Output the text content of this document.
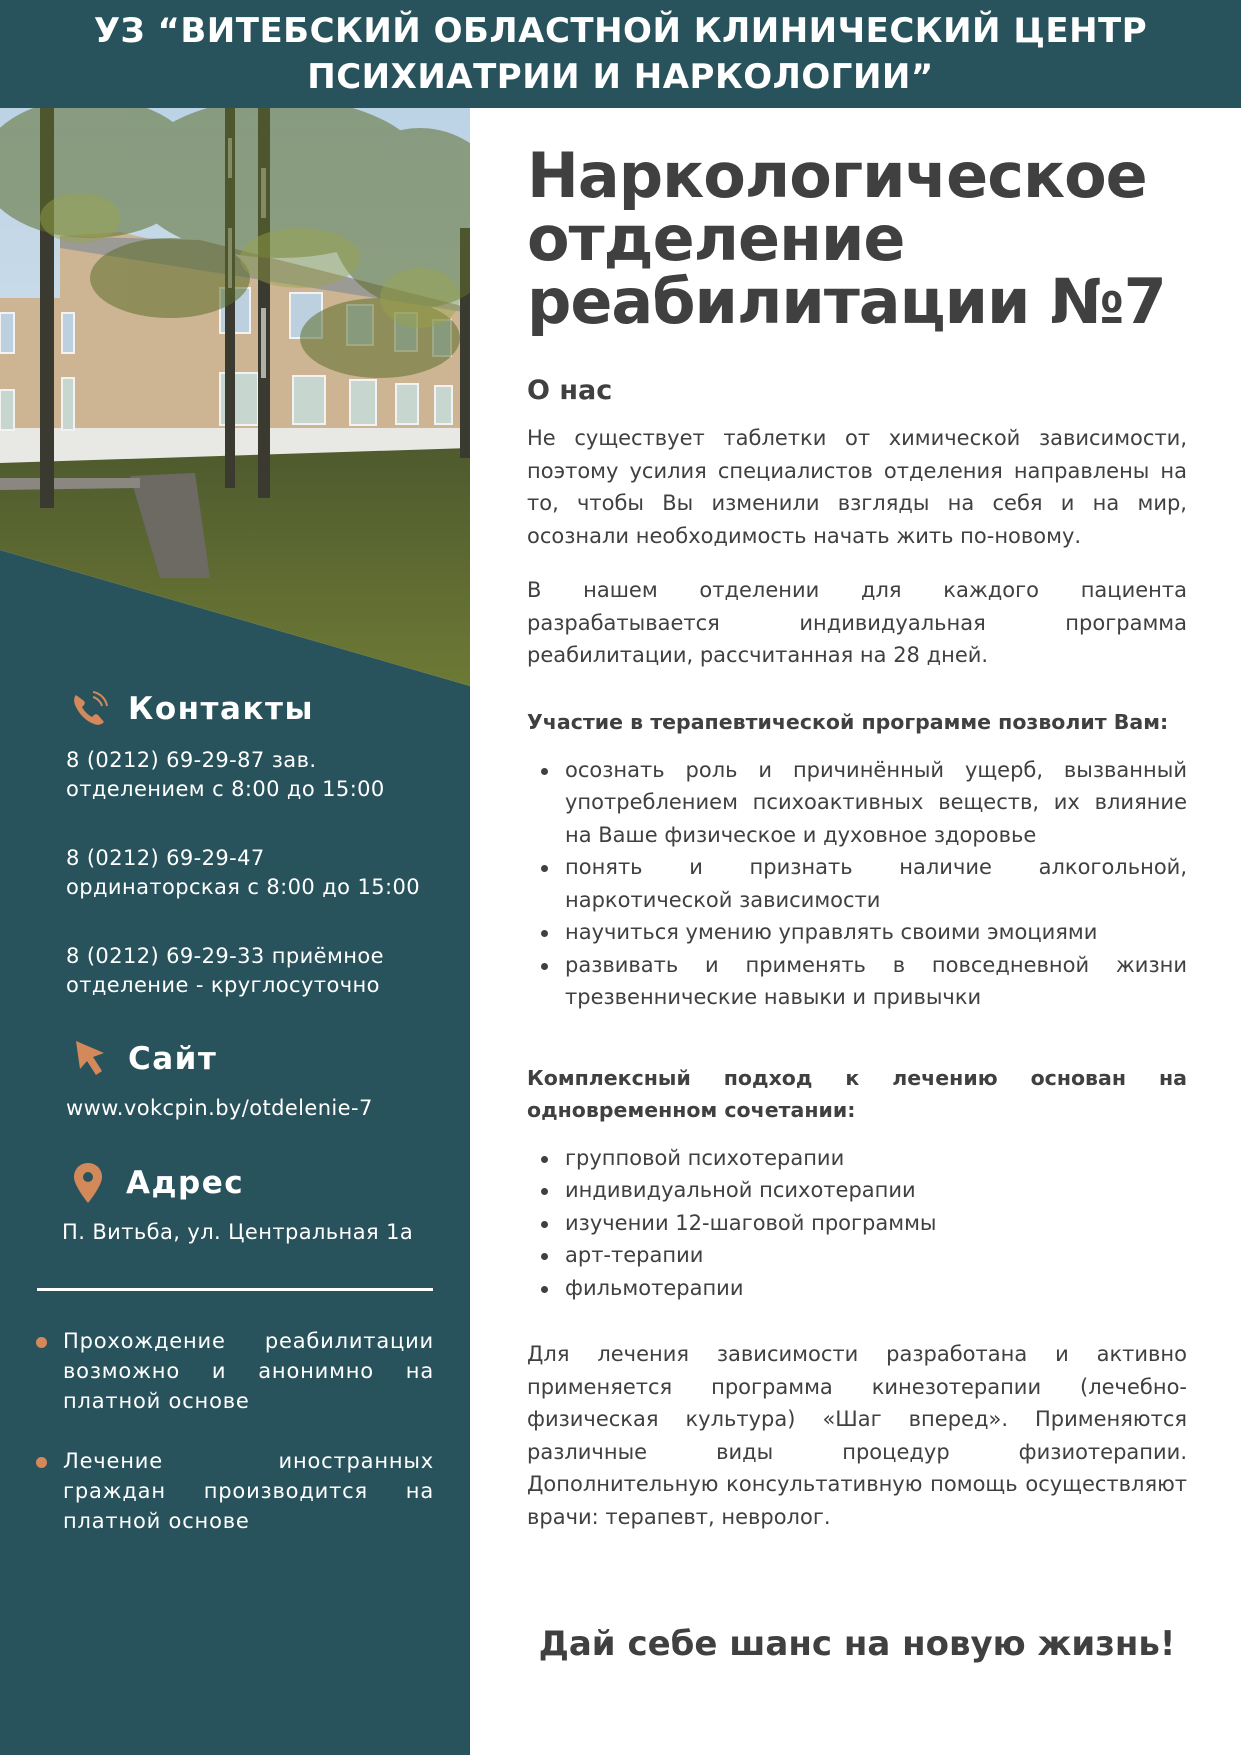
УЗ “ВИТЕБСКИЙ ОБЛАСТНОЙ КЛИНИЧЕСКИЙ ЦЕНТР ПСИХИАТРИИ И НАРКОЛОГИИ”
Контакты
8 (0212) 69-29-87 зав.
отделением с 8:00 до 15:00
8 (0212) 69-29-47
ординаторская с 8:00 до 15:00
8 (0212) 69-29-33 приёмное
отделение - круглосуточно
Сайт
www.vokcpin.by/otdelenie-7
Адрес
П. Витьба, ул. Центральная 1а
Прохождение реабилитации возможно и анонимно на платной основе
Лечение иностранных граждан производится на платной основе
Наркологическое
отделение
реабилитации №7
О нас

Не существует таблетки от химической зависимости, поэтому усилия специалистов отделения направлены на то, чтобы Вы изменили взгляды на себя и на мир, осознали необходимость начать жить по-новому.

В нашем отделении для каждого пациента разрабатывается индивидуальная программа реабилитации, рассчитанная на 28 дней.

Участие в терапевтической программе позволит Вам:
осознать роль и причинённый ущерб, вызванный употреблением психоактивных веществ, их влияние на Ваше физическое и духовное здоровье
понять и признать наличие алкогольной, наркотической зависимости
научиться умению управлять своими эмоциями
развивать и применять в повседневной жизни трезвеннические навыки и привычки
Комплексный подход к лечению основан на одновременном сочетании:
групповой психотерапии
индивидуальной психотерапии
изучении 12-шаговой программы
арт-терапии
фильмотерапии

Для лечения зависимости разработана и активно применяется программа кинезотерапии (лечебно-физическая культура) «Шаг вперед». Применяются различные виды процедур физиотерапии. Дополнительную консультативную помощь осуществляют врачи: терапевт, невролог.

Дай себе шанс на новую жизнь!
